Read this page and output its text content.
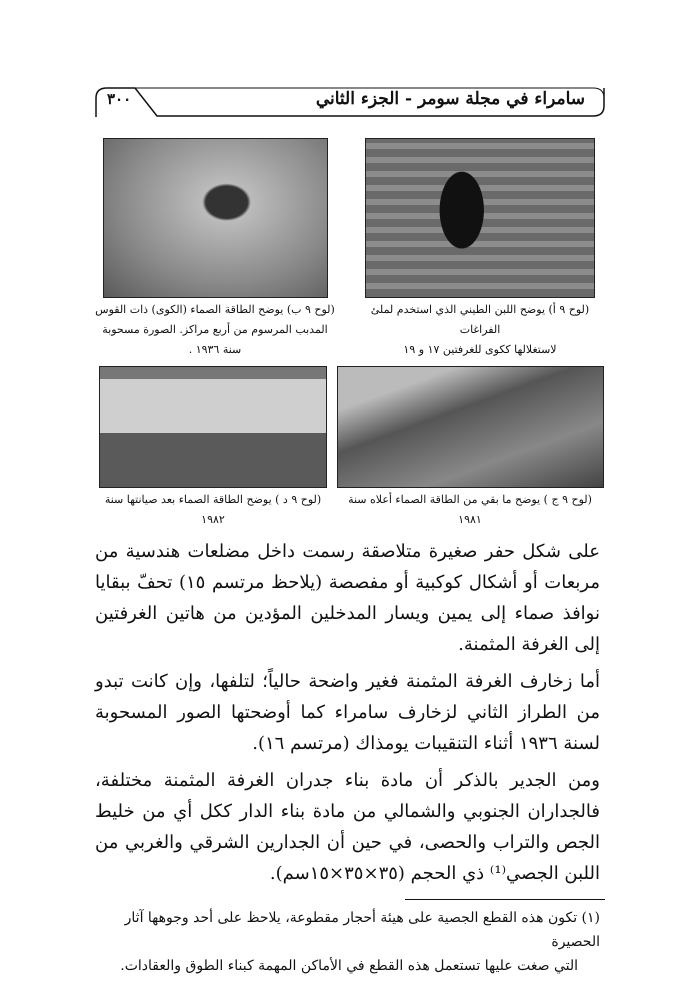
سامراء في مجلة سومر - الجزء الثاني
٣٠٠
(لوح ٩ ب) يوضح الطاقة الصماء (الكوى) ذات القوس
المدبب المرسوم من أربع مراكز. الصورة مسحوبة سنة ١٩٣٦ .
(لوح ٩ أ) يوضح اللبن الطيني الذي استخدم لملئ الفراغات
لاستغلالها ككوى للغرفتين ١٧ و ١٩
(لوح ٩ د ) يوضح الطاقة الصماء بعد صيانتها سنة ١٩٨٢
(لوح ٩ ج ) يوضح ما بقي من الطاقة الصماء أعلاه سنة ١٩٨١

على شكل حفر صغيرة متلاصقة رسمت داخل مضلعات هندسية من مربعات أو أشكال كوكبية أو مفصصة (يلاحظ مرتسم ١٥) تحفّ ببقايا نوافذ صماء إلى يمين ويسار المدخلين المؤدين من هاتين الغرفتين إلى الغرفة المثمنة.

أما زخارف الغرفة المثمنة فغير واضحة حالياً؛ لتلفها، وإن كانت تبدو من الطراز الثاني لزخارف سامراء كما أوضحتها الصور المسحوبة لسنة ١٩٣٦ أثناء التنقيبات يومذاك (مرتسم ١٦).

ومن الجدير بالذكر أن مادة بناء جدران الغرفة المثمنة مختلفة، فالجداران الجنوبي والشمالي من مادة بناء الدار ككل أي من خليط الجص والتراب والحصى، في حين أن الجدارين الشرقي والغربي من اللبن الجصي⁽¹⁾ ذي الحجم (٣٥×٣٥×١٥سم).

(١) تكون هذه القطع الجصية على هيئة أحجار مقطوعة، يلاحظ على أحد وجوهها آثار الحصيرة
التي صغت عليها تستعمل هذه القطع في الأماكن المهمة كبناء الطوق والعقادات.
